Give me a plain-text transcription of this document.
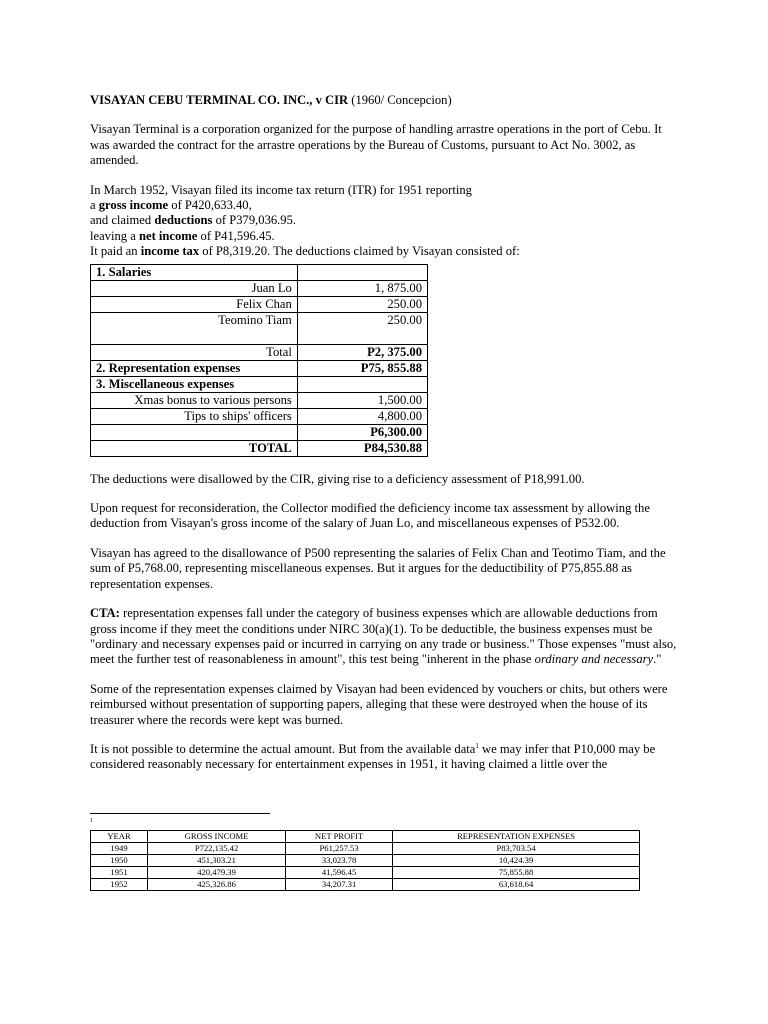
VISAYAN CEBU TERMINAL CO. INC., v CIR (1960/ Concepcion)

Visayan Terminal is a corporation organized for the purpose of handling arrastre operations in the port of Cebu. It was awarded the contract for the arrastre operations by the Bureau of Customs, pursuant to Act No. 3002, as amended.

In March 1952, Visayan filed its income tax return (ITR) for 1951 reporting
a gross income of P420,633.40,
and claimed deductions of P379,036.95.
leaving a net income of P41,596.45.
It paid an income tax of P8,319.20. The deductions claimed by Visayan consisted of:
1. Salaries	
Juan Lo	1, 875.00
Felix Chan	250.00
Teomino Tiam	250.00
Total	P2, 375.00
2. Representation expenses	P75, 855.88
3. Miscellaneous expenses	
Xmas bonus to various persons	1,500.00
Tips to ships' officers	4,800.00
	P6,300.00
TOTAL	P84,530.88

The deductions were disallowed by the CIR, giving rise to a deficiency assessment of P18,991.00.

Upon request for reconsideration, the Collector modified the deficiency income tax assessment by allowing the deduction from Visayan's gross income of the salary of Juan Lo, and miscellaneous expenses of P532.00.

Visayan has agreed to the disallowance of P500 representing the salaries of Felix Chan and Teotimo Tiam, and the sum of P5,768.00, representing miscellaneous expenses. But it argues for the deductibility of P75,855.88 as representation expenses.

CTA: representation expenses fall under the category of business expenses which are allowable deductions from gross income if they meet the conditions under NIRC 30(a)(1). To be deductible, the business expenses must be "ordinary and necessary expenses paid or incurred in carrying on any trade or business." Those expenses "must also, meet the further test of reasonableness in amount", this test being "inherent in the phase ordinary and necessary."

Some of the representation expenses claimed by Visayan had been evidenced by vouchers or chits, but others were reimbursed without presentation of supporting papers, alleging that these were destroyed when the house of its treasurer where the records were kept was burned.

It is not possible to determine the actual amount. But from the available data$^1$ we may infer that P10,000 may be considered reasonably necessary for entertainment expenses in 1951, it having claimed a little over the

1
YEAR	GROSS INCOME	NET PROFIT	REPRESENTATION EXPENSES
1949	P722,135.42	P61,257.53	P83,703.54
1950	451,303.21	33,023.78	10,424.39
1951	420,479.39	41,596.45	75,855.88
1952	425,326.86	34,207.31	63,618.64
